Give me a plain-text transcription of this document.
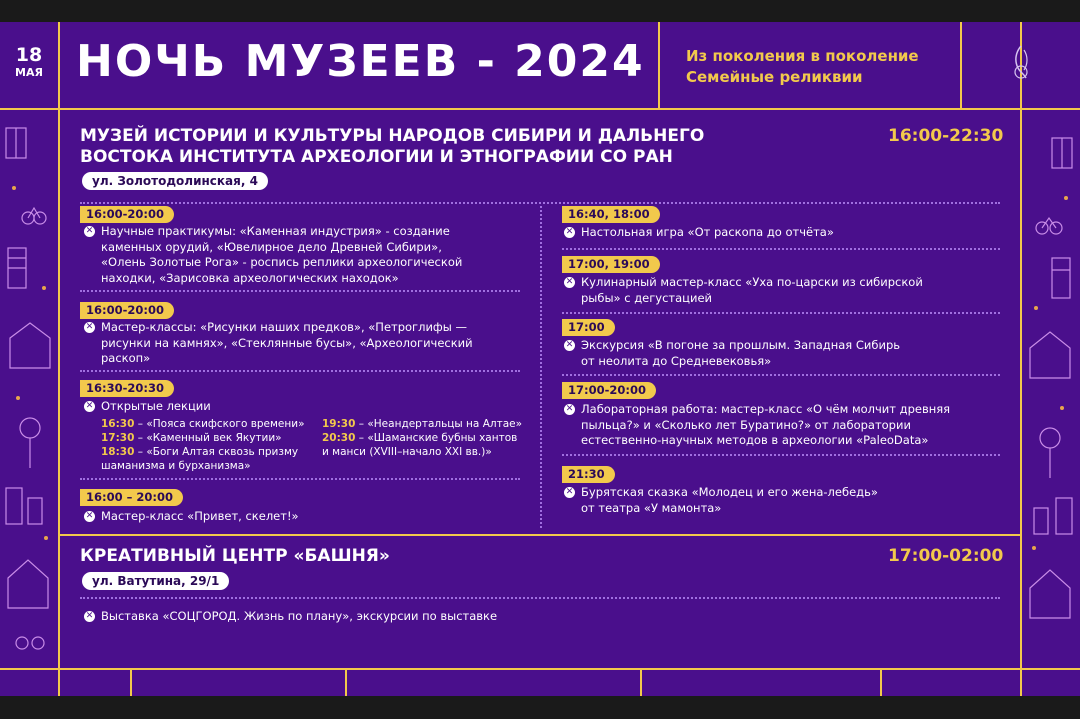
18
МАЯ НОЧЬ МУЗЕЕВ - 2024	Из поколения в поколение
Семейные реликвии
МУЗЕЙ ИСТОРИИ И КУЛЬТУРЫ НАРОДОВ СИБИРИ И ДАЛЬНЕГО
ВОСТОКА ИНСТИТУТА АРХЕОЛОГИИ И ЭТНОГРАФИИ СО РАН
16:00-22:30
ул. Золотодолинская, 4
16:00-20:00
✕ Научные практикумы: «Каменная индустрия» - создание
каменных орудий, «Ювелирное дело Древней Сибири»,
«Олень Золотые Рога» - роспись реплики археологической
находки, «Зарисовка археологических находок»
16:00-20:00
✕ Мастер-классы: «Рисунки наших предков», «Петроглифы —
рисунки на камнях», «Стеклянные бусы», «Археологический
раскоп»
16:30-20:30
✕ Открытые лекции
16:30 – «Пояса скифского времени»
17:30 – «Каменный век Якутии»
18:30 – «Боги Алтая сквозь призму
шаманизма и бурханизма»
19:30 – «Неандертальцы на Алтае»
20:30 – «Шаманские бубны хантов
и манси (XVIII–начало XXI вв.)»
16:00 – 20:00
✕ Мастер-класс «Привет, скелет!»
16:40, 18:00
✕ Настольная игра «От раскопа до отчёта»
17:00, 19:00
✕ Кулинарный мастер-класс «Уха по-царски из сибирской
рыбы» с дегустацией
17:00
✕ Экскурсия «В погоне за прошлым. Западная Сибирь
от неолита до Средневековья»
17:00-20:00
✕ Лабораторная работа: мастер-класс «О чём молчит древняя
пыльца?» и «Сколько лет Буратино?» от лаборатории
естественно-научных методов в археологии «PaleoData»
21:30
✕ Бурятская сказка «Молодец и его жена-лебедь»
от театра «У мамонта»
КРЕАТИВНЫЙ ЦЕНТР «БАШНЯ»	17:00-02:00
ул. Ватутина, 29/1
✕ Выставка «СОЦГОРОД. Жизнь по плану», экскурсии по выставке
